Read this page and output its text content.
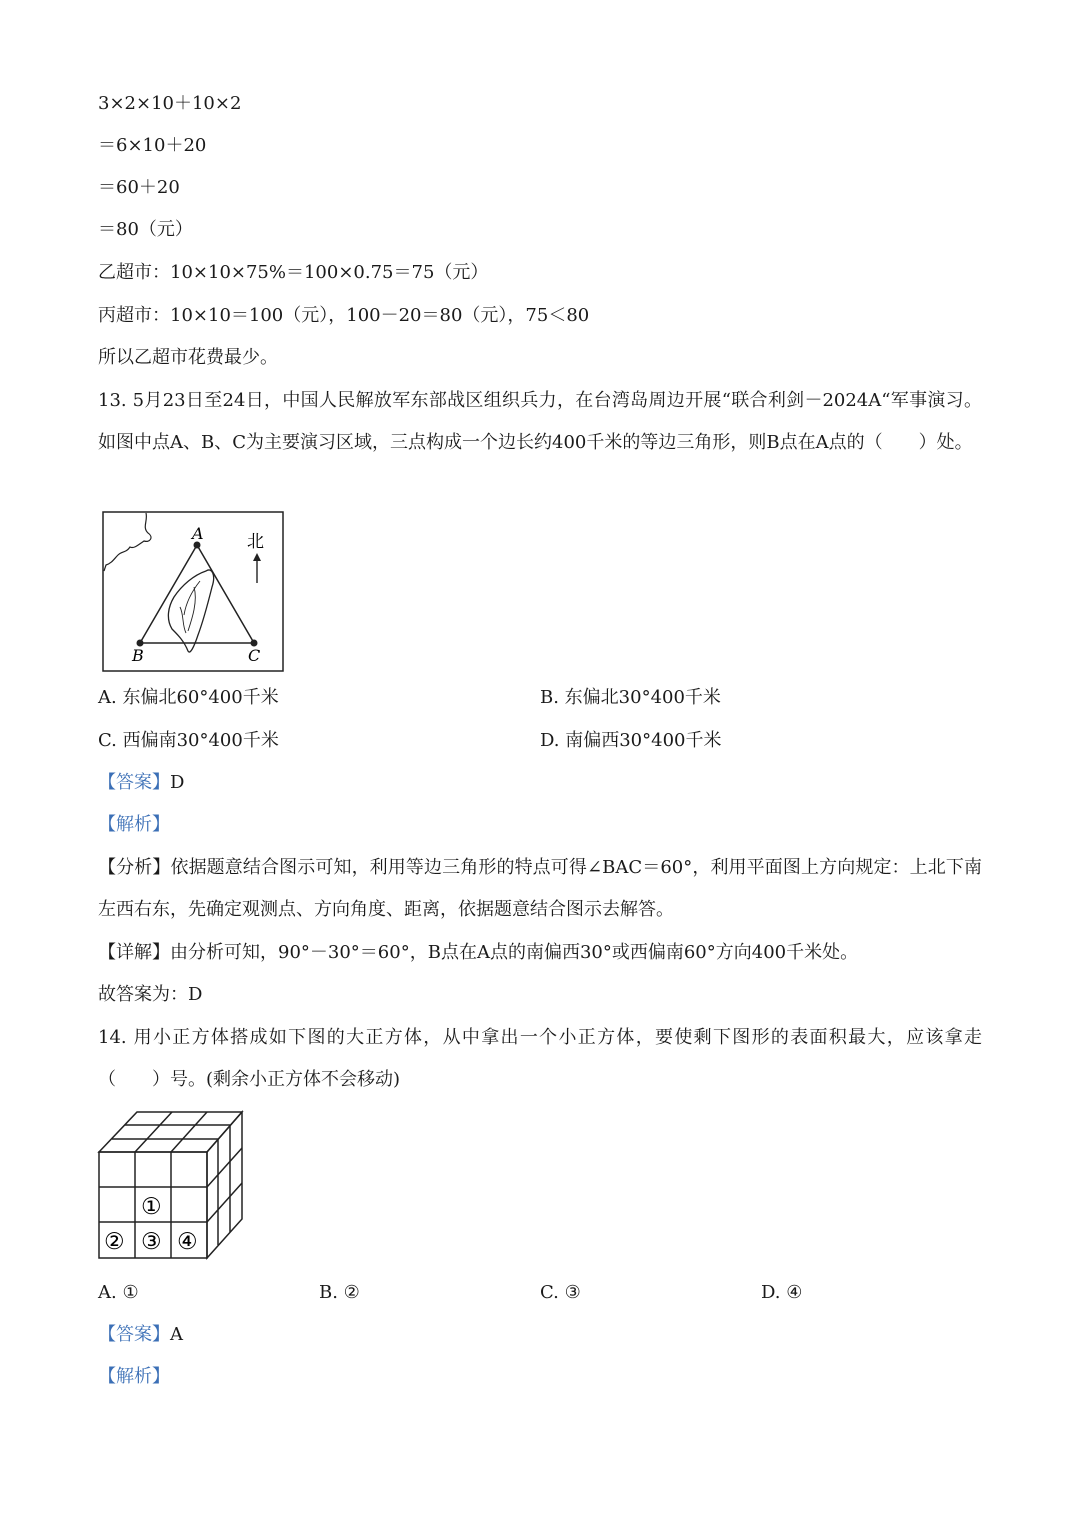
3×2×10＋10×2
＝6×10＋20
＝60＋20
＝80（元）
乙超市：10×10×75%＝100×0.75＝75（元）
丙超市：10×10＝100（元），100－20＝80（元），75＜80
所以乙超市花费最少。
13. 5月23日至24日，中国人民解放军东部战区组织兵力，在台湾岛周边开展“联合利剑－2024A“军事演习。如图中点A、B、C为主要演习区域，三点构成一个边长约400千米的等边三角形，则B点在A点的（　　）处。
A
B	C
北
A. 东偏北60°400千米	B. 东偏北30°400千米
C. 西偏南30°400千米	D. 南偏西30°400千米
【答案】D
【解析】
【分析】依据题意结合图示可知，利用等边三角形的特点可得∠BAC＝60°，利用平面图上方向规定：上北下南左西右东，先确定观测点、方向角度、距离，依据题意结合图示去解答。
【详解】由分析可知，90°－30°＝60°，B点在A点的南偏西30°或西偏南60°方向400千米处。
故答案为：D
14. 用小正方体搭成如下图的大正方体，从中拿出一个小正方体，要使剩下图形的表面积最大，应该拿走（　　）号。(剩余小正方体不会移动)
①
② ③ ④
A. ①	B. ②	C. ③	D. ④
【答案】A
【解析】
